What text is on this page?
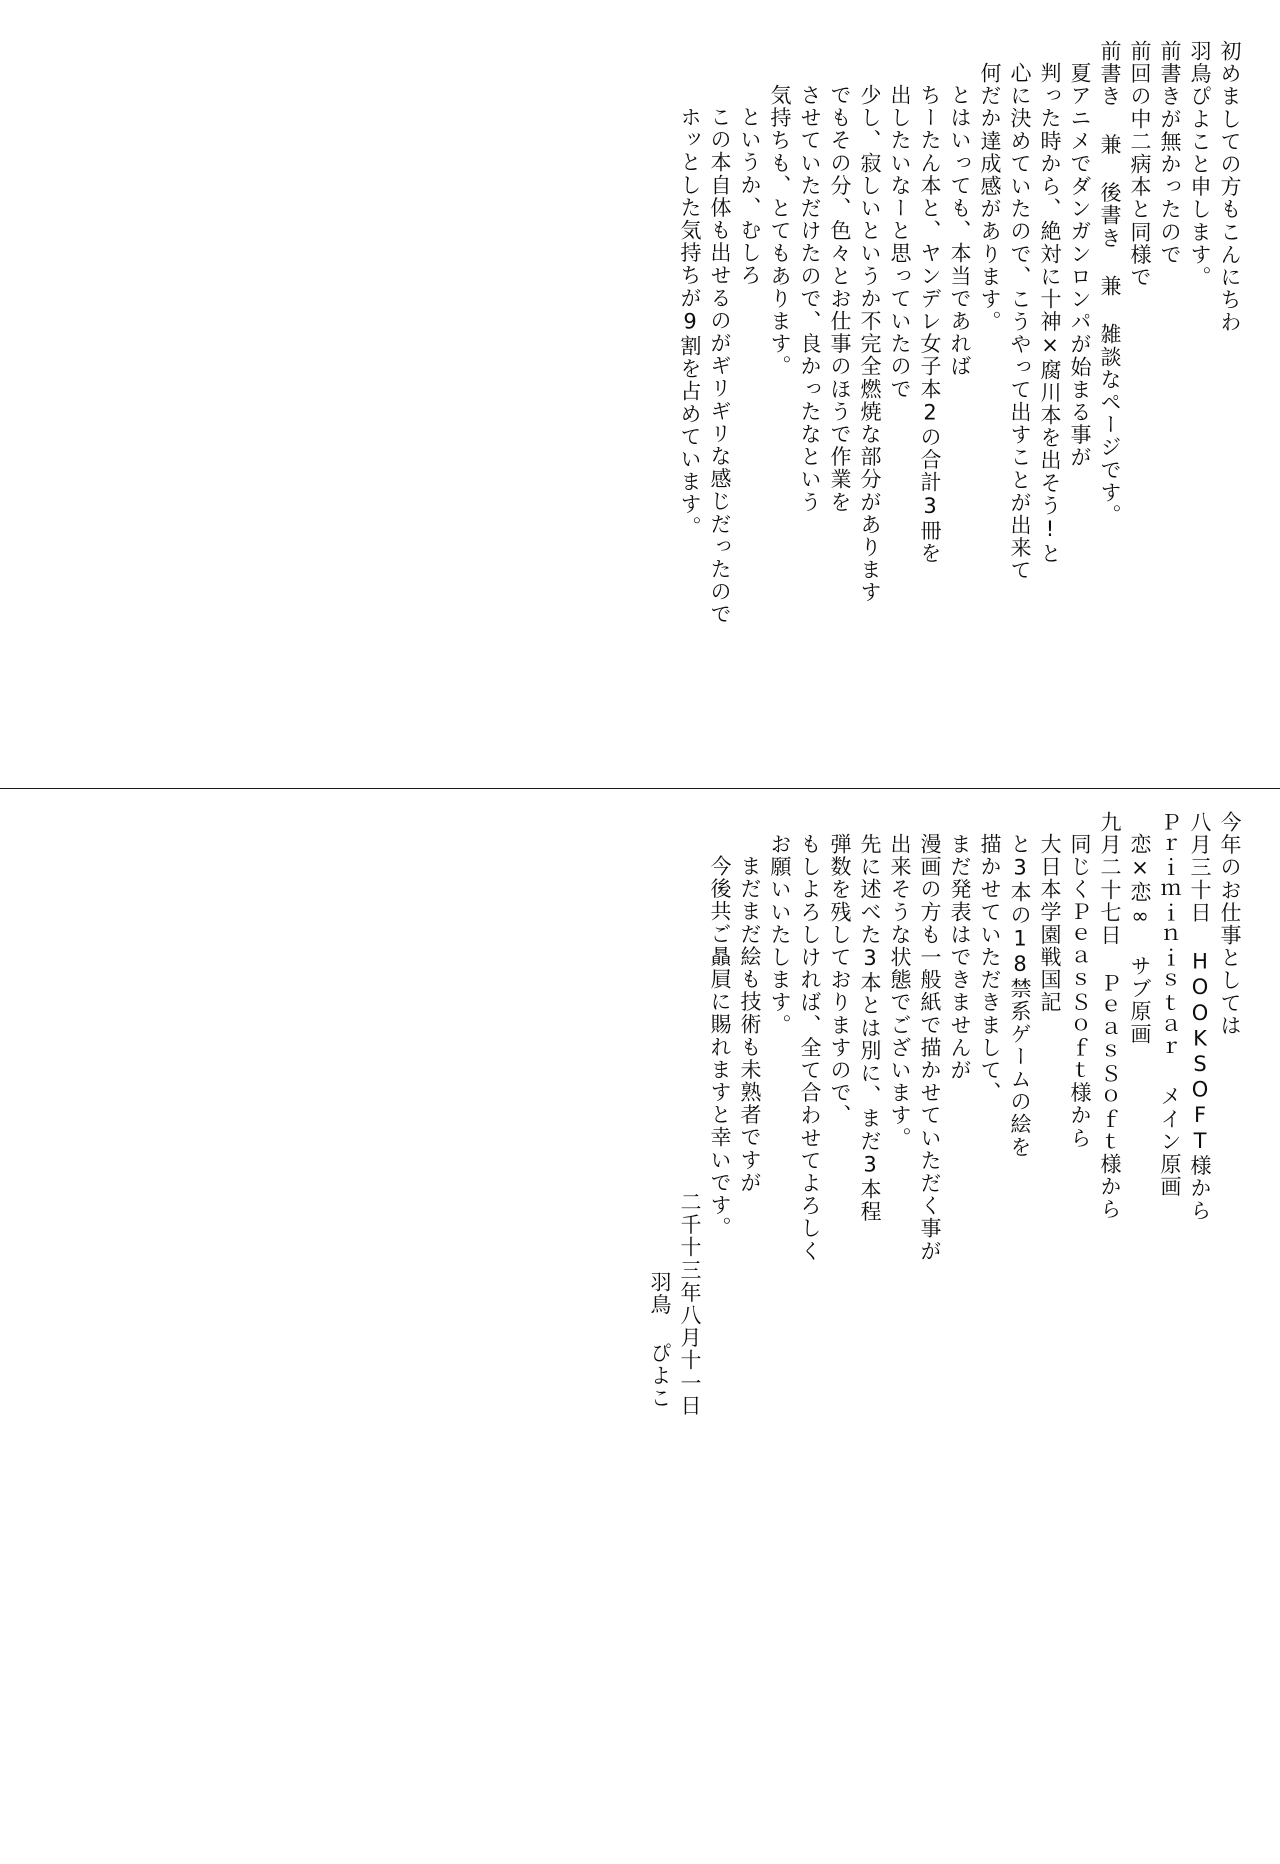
初めましての方もこんにちわ
羽鳥ぴよこと申します。
前書きが無かったので
前回の中二病本と同様で
前書き 兼 後書き 兼 雑談なページです。
夏アニメでダンガンロンパが始まる事が
判った時から、絶対に十神×腐川本を出そう!と
心に決めていたので、こうやって出すことが出来て
何だか達成感があります。
とはいっても、本当であれば
ちーたん本と、ヤンデレ女子本2の合計3冊を
出したいなーと思っていたので
少し、寂しいというか不完全燃焼な部分があります
でもその分、色々とお仕事のほうで作業を
させていただけたので、良かったなという
気持ちも、とてもあります。
というか、むしろ
この本自体も出せるのがギリギリな感じだったので
ホッとした気持ちが9割を占めています。
今年のお仕事としては
八月三十日 HOOKSOFT様から
Ｐｒｉｍｉｎｉｓｔａｒ メイン原画
恋×恋∞ サブ原画
九月二十七日 ＰｅａｓＳｏｆｔ様から
同じくＰｅａｓＳｏｆｔ様から
大日本学園戦国記
と3本の18禁系ゲームの絵を
描かせていただきまして、
まだ発表はできませんが
漫画の方も一般紙で描かせていただく事が
出来そうな状態でございます。
先に述べた3本とは別に、まだ3本程
弾数を残しておりますので、
もしよろしければ、全て合わせてよろしく
お願いいたします。
まだまだ絵も技術も未熟者ですが
今後共ご贔屓に賜れますと幸いです。
二千十三年八月十一日
羽鳥 ぴよこ
